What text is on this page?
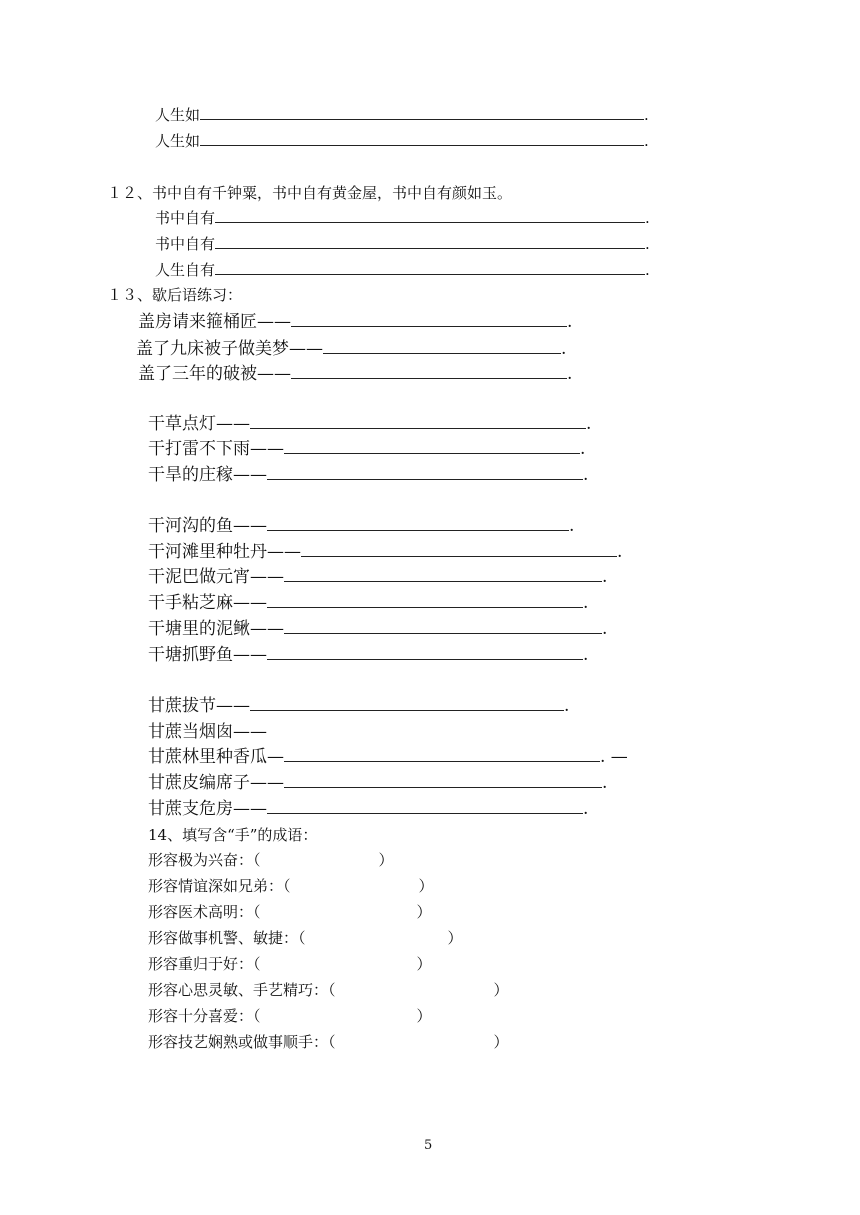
人生如	.
人生如	.
１２、书中自有千钟粟，书中自有黄金屋，书中自有颜如玉。
书中自有	.
书中自有	.
人生自有	.
１３、歇后语练习：
盖房请来箍桶匠——	.
盖了九床被子做美梦——	.
盖了三年的破被——	.
干草点灯——	.
干打雷不下雨——	.
干旱的庄稼——	.
干河沟的鱼——	.
干河滩里种牡丹——	.
干泥巴做元宵——	.
干手粘芝麻——	.
干塘里的泥鳅——	.
干塘抓野鱼——	.
甘蔗拔节——	.
甘蔗当烟囱——
甘蔗林里种香瓜—	. —
甘蔗皮编席子——	.
甘蔗支危房——	.
14、填写含“手”的成语：
形容极为兴奋：（	）
形容情谊深如兄弟：（	）
形容医术高明：（	）
形容做事机警、敏捷：（	）
形容重归于好：（	）
形容心思灵敏、手艺精巧：（	）
形容十分喜爱：（	）
形容技艺娴熟或做事顺手：（	）
5
